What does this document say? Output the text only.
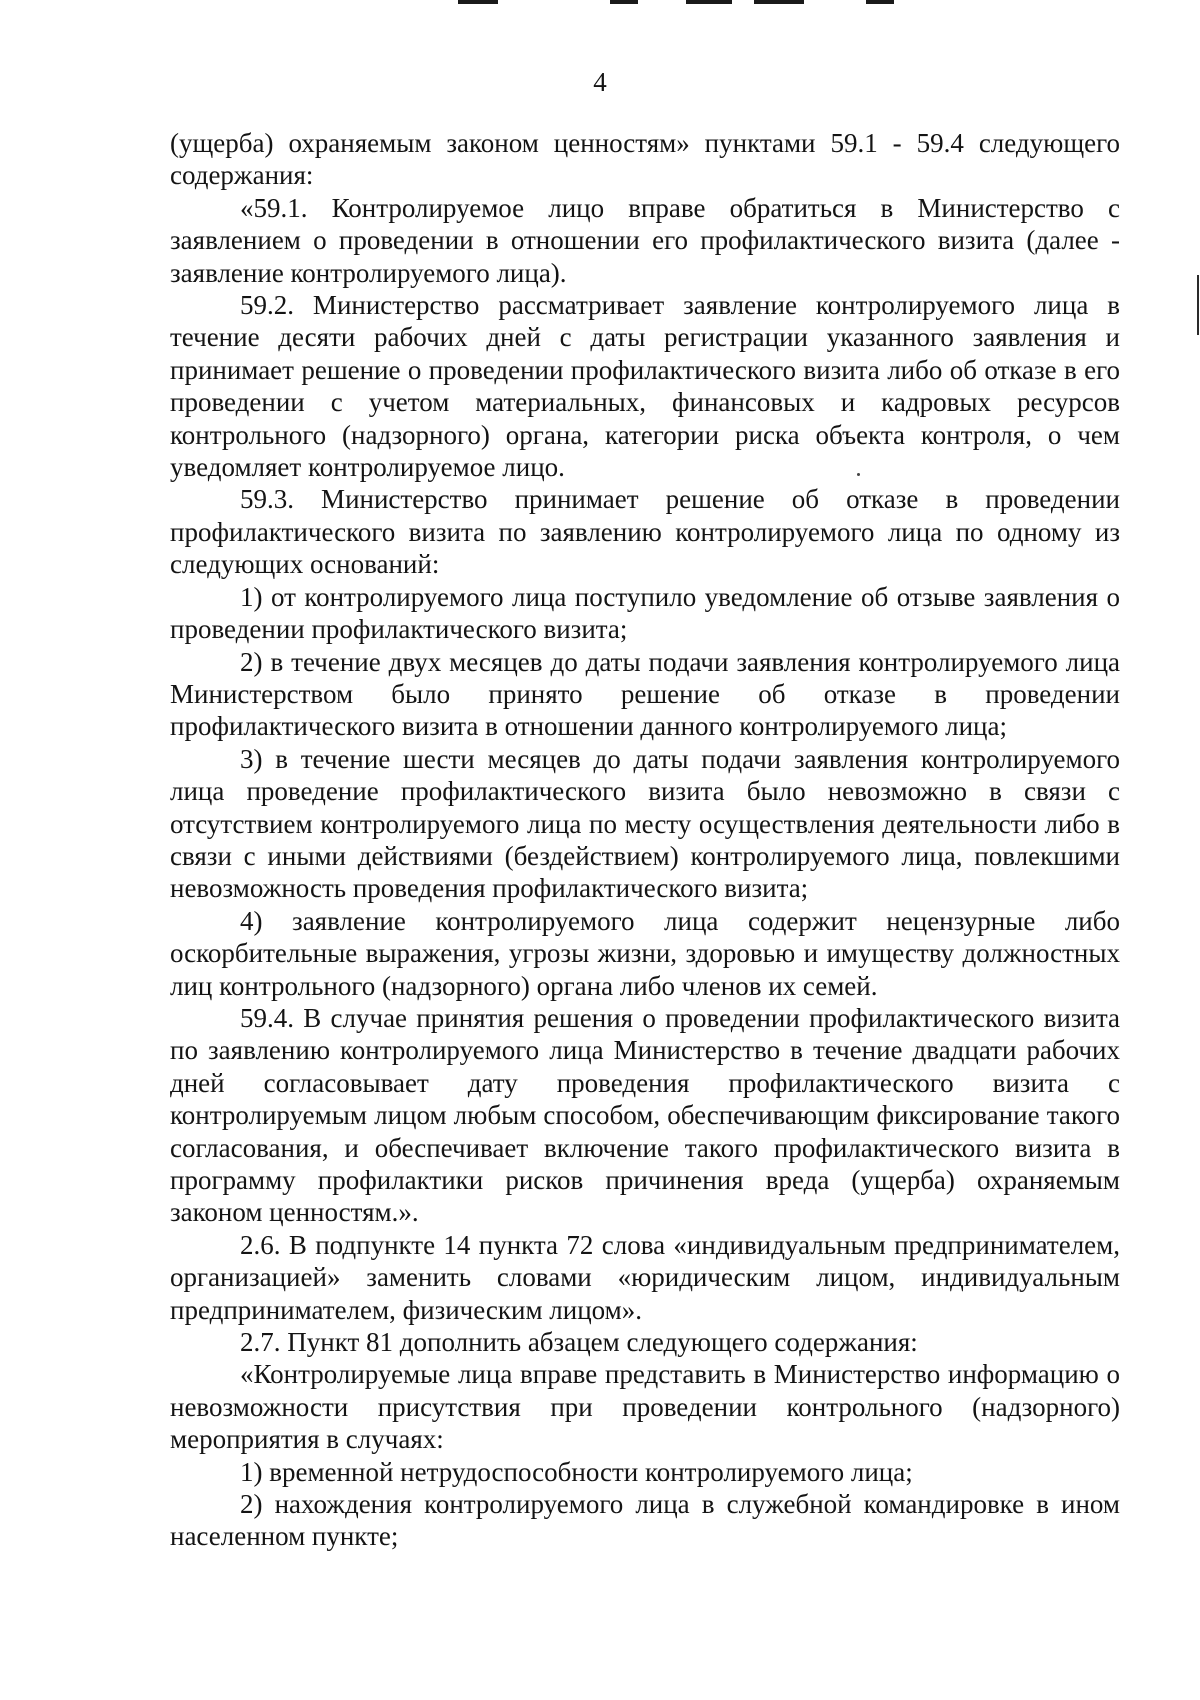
4

(ущерба) охраняемым законом ценностям» пунктами 59.1 - 59.4 следующего содержания:

«59.1. Контролируемое лицо вправе обратиться в Министерство с заявлением о проведении в отношении его профилактического визита (далее - заявление контролируемого лица).

59.2. Министерство рассматривает заявление контролируемого лица в течение десяти рабочих дней с даты регистрации указанного заявления и принимает решение о проведении профилактического визита либо об отказе в его проведении с учетом материальных, финансовых и кадровых ресурсов контрольного (надзорного) органа, категории риска объекта контроля, о чем уведомляет контролируемое лицо.

59.3. Министерство принимает решение об отказе в проведении профилактического визита по заявлению контролируемого лица по одному из следующих оснований:

1) от контролируемого лица поступило уведомление об отзыве заявления о проведении профилактического визита;

2) в течение двух месяцев до даты подачи заявления контролируемого лица Министерством было принято решение об отказе в проведении профилактического визита в отношении данного контролируемого лица;

3) в течение шести месяцев до даты подачи заявления контролируемого лица проведение профилактического визита было невозможно в связи с отсутствием контролируемого лица по месту осуществления деятельности либо в связи с иными действиями (бездействием) контролируемого лица, повлекшими невозможность проведения профилактического визита;

4) заявление контролируемого лица содержит нецензурные либо оскорбительные выражения, угрозы жизни, здоровью и имуществу должностных лиц контрольного (надзорного) органа либо членов их семей.

59.4. В случае принятия решения о проведении профилактического визита по заявлению контролируемого лица Министерство в течение двадцати рабочих дней согласовывает дату проведения профилактического визита с контролируемым лицом любым способом, обеспечивающим фиксирование такого согласования, и обеспечивает включение такого профилактического визита в программу профилактики рисков причинения вреда (ущерба) охраняемым законом ценностям.».

2.6. В подпункте 14 пункта 72 слова «индивидуальным предпринимателем, организацией» заменить словами «юридическим лицом, индивидуальным предпринимателем, физическим лицом».

2.7. Пункт 81 дополнить абзацем следующего содержания:

«Контролируемые лица вправе представить в Министерство информацию о невозможности присутствия при проведении контрольного (надзорного) мероприятия в случаях:

1) временной нетрудоспособности контролируемого лица;

2) нахождения контролируемого лица в служебной командировке в ином населенном пункте;
